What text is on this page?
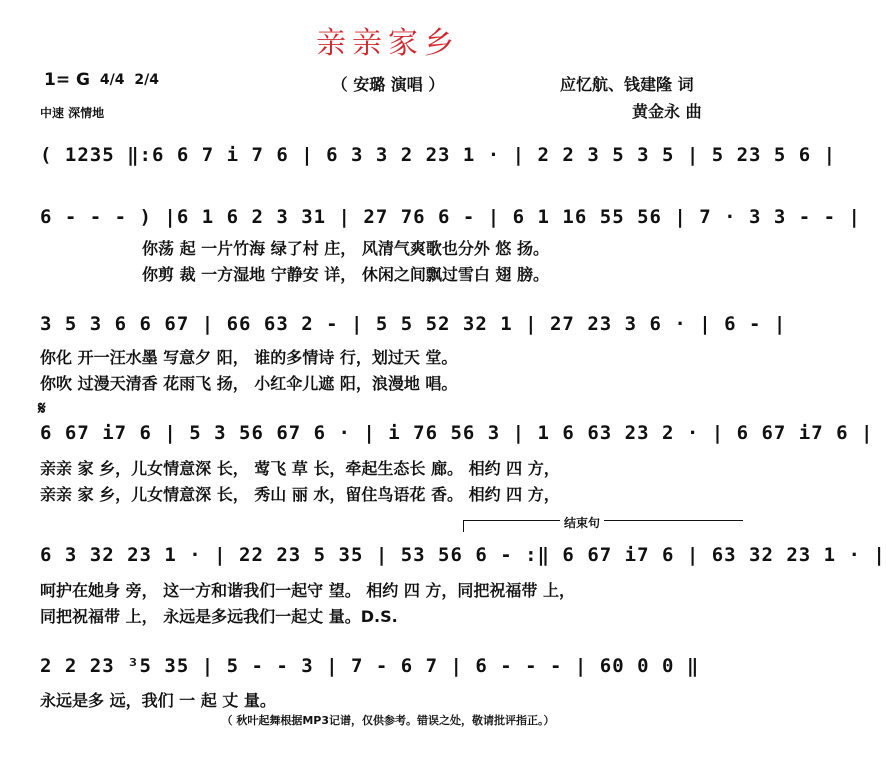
亲亲家乡
（ 安璐 演唱 ）
1= G 4/4 2/4
中速 深情地
应忆航、钱建隆 词
黄金永 曲
( 1235 ‖:6 6 7 i 7 6 | 6 3 3 2 23 1 · | 2 2 3 5 3 5 | 5 23 5 6 |
6 - - - ) |6 1 6 2 3 31 | 27 76 6 - | 6 1 16 55 56 | 7 · 3 3 - - |
你荡 起 一片竹海 绿了村 庄， 风清气爽歌也分外 悠 扬。
你剪 裁 一方湿地 宁静安 详， 休闲之间飘过雪白 翅 膀。
3 5 3 6 6 67 | 66 63 2 - | 5 5 52 32 1 | 27 23 3 6 · | 6 - |
你化 开一汪水墨 写意夕 阳， 谁的多情诗 行，划过天 堂。
你吹 过漫天清香 花雨飞 扬， 小红伞儿遮 阳，浪漫地 唱。
𝄋
6 67 i7 6 | 5 3 56 67 6 · | i 76 56 3 | 1 6 63 23 2 · | 6 67 i7 6 |
亲亲 家 乡，儿女情意深 长， 莺飞 草 长，牵起生态长 廊。 相约 四 方，
亲亲 家 乡，儿女情意深 长， 秀山 丽 水，留住鸟语花 香。 相约 四 方，
结束句
6 3 32 23 1 · | 22 23 5 35 | 53 56 6 - :‖ 6 67 i7 6 | 63 32 23 1 · |
呵护在她身 旁， 这一方和谐我们一起守 望。 相约 四 方，同把祝福带 上，
同把祝福带 上， 永远是多远我们一起丈 量。D.S.
2 2 23 ³5 35 | 5 - - 3 | 7 - 6 7 | 6 - - - | 60 0 0 ‖
永远是多 远，我们 一 起 丈 量。
（ 秋叶起舞根据MP3记谱，仅供参考。错误之处，敬请批评指正。）
